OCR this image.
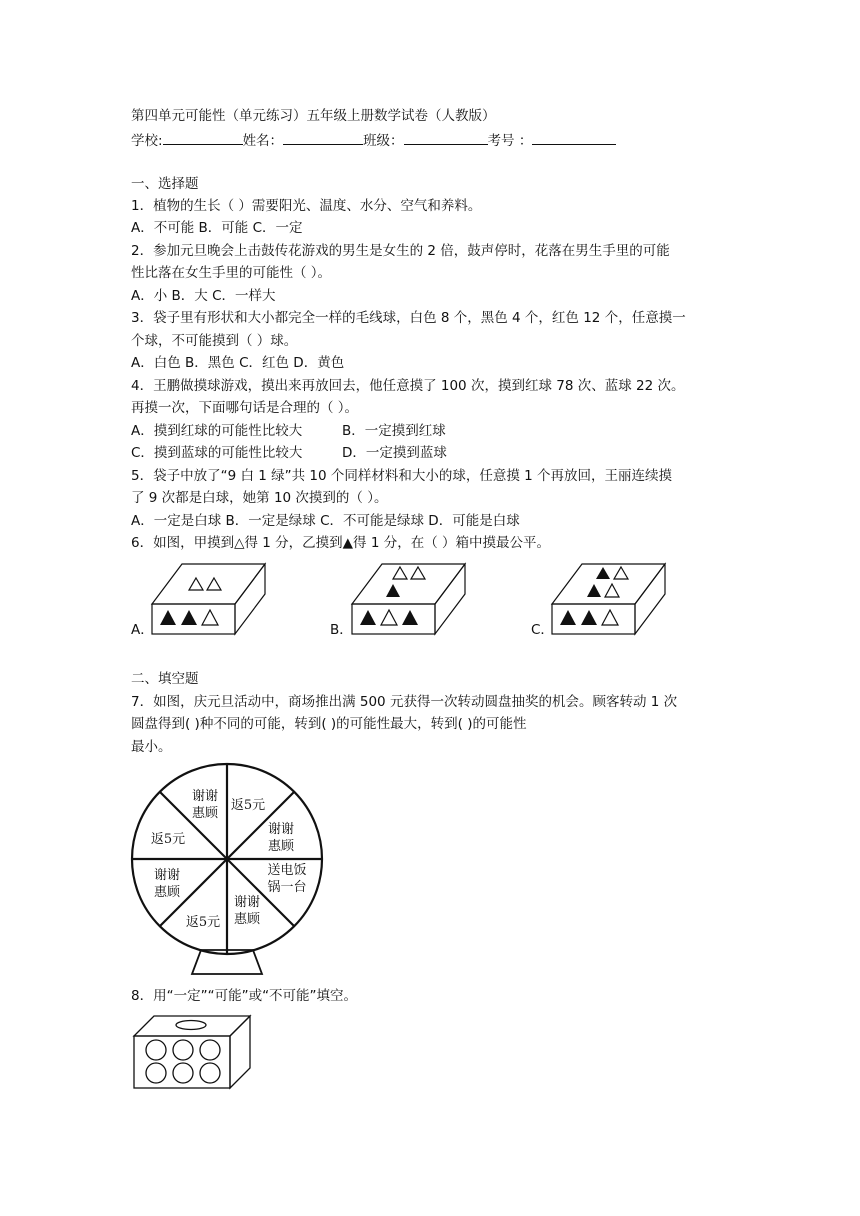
第四单元可能性（单元练习）五年级上册数学试卷（人教版）
学校:	姓名：	班级：	考号 ：
一、选择题
1．植物的生长（ ）需要阳光、温度、水分、空气和养料。
A．不可能 B．可能 C．一定
2．参加元旦晚会上击鼓传花游戏的男生是女生的 2 倍，鼓声停时，花落在男生手里的可能
性比落在女生手里的可能性（ ）。
A．小 B．大 C．一样大
3．袋子里有形状和大小都完全一样的毛线球，白色 8 个，黑色 4 个，红色 12 个，任意摸一
个球，不可能摸到（ ）球。
A．白色 B．黑色 C．红色 D．黄色
4．王鹏做摸球游戏，摸出来再放回去，他任意摸了 100 次，摸到红球 78 次、蓝球 22 次。
再摸一次，下面哪句话是合理的（ ）。
A．摸到红球的可能性比较大	B．一定摸到红球
C．摸到蓝球的可能性比较大	D．一定摸到蓝球
5．袋子中放了“9 白 1 绿”共 10 个同样材料和大小的球，任意摸 1 个再放回，王丽连续摸
了 9 次都是白球，她第 10 次摸到的（ ）。
A．一定是白球 B．一定是绿球 C．不可能是绿球 D．可能是白球
6．如图，甲摸到△得 1 分，乙摸到▲得 1 分，在（ ）箱中摸最公平。
A．	B．	C．
二、填空题
7．如图，庆元旦活动中，商场推出满 500 元获得一次转动圆盘抽奖的机会。顾客转动 1 次
圆盘得到( )种不同的可能，转到( )的可能性最大，转到( )的可能性
最小。
谢谢
惠顾
返5元
谢谢
惠顾
送电饭
锅一台
谢谢
惠顾
返5元
谢谢
惠顾
返5元
8．用“一定”“可能”或“不可能”填空。
